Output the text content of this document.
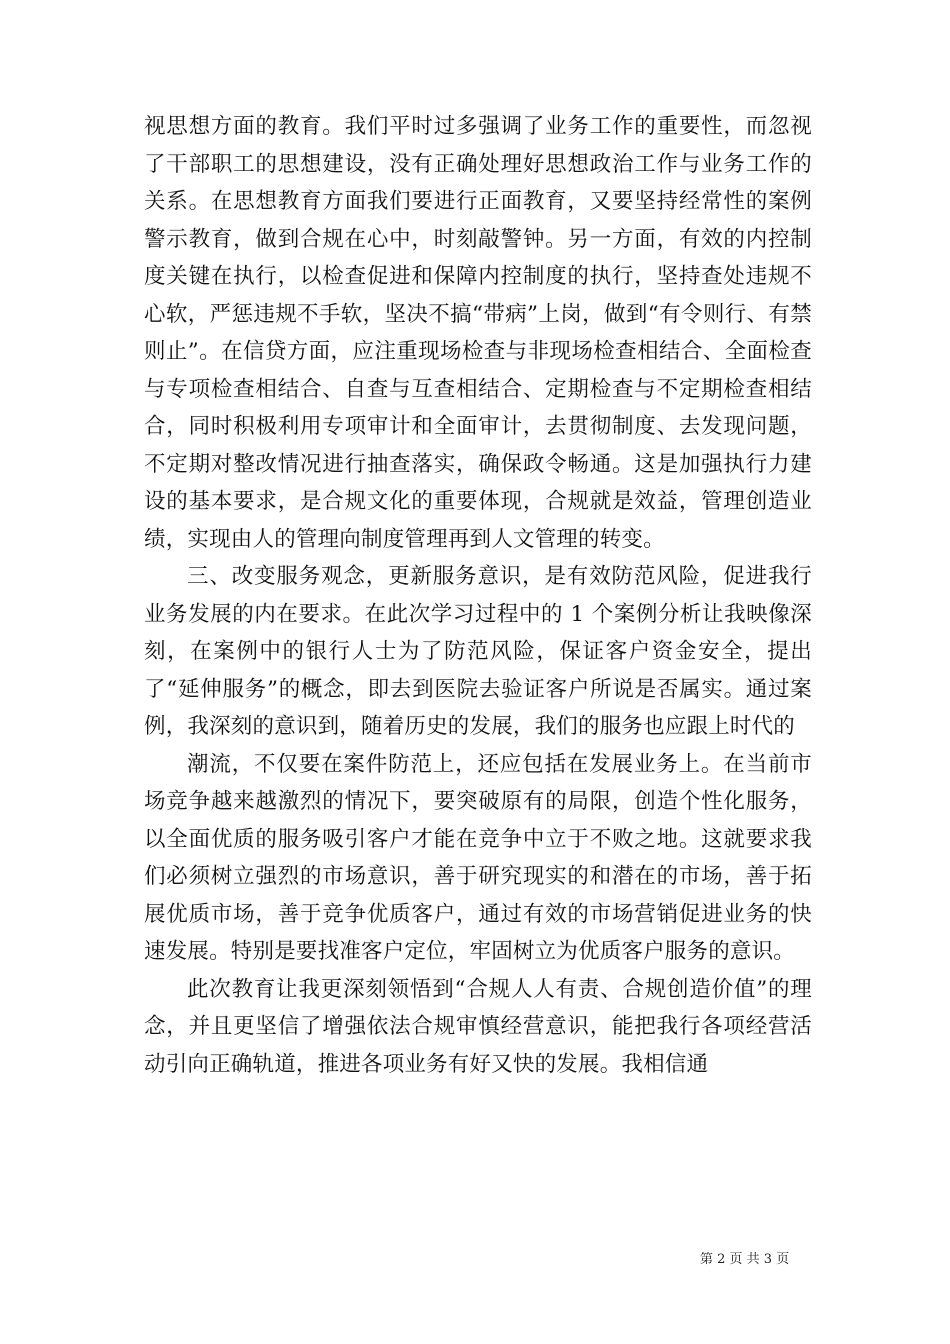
视思想方面的教育。我们平时过多强调了业务工作的重要性，而忽视了干部职工的思想建设，没有正确处理好思想政治工作与业务工作的关系。在思想教育方面我们要进行正面教育，又要坚持经常性的案例警示教育，做到合规在心中，时刻敲警钟。另一方面，有效的内控制度关键在执行，以检查促进和保障内控制度的执行，坚持查处违规不心软，严惩违规不手软，坚决不搞“带病”上岗，做到“有令则行、有禁则止”。在信贷方面，应注重现场检查与非现场检查相结合、全面检查与专项检查相结合、自查与互查相结合、定期检查与不定期检查相结合，同时积极利用专项审计和全面审计，去贯彻制度、去发现问题，不定期对整改情况进行抽查落实，确保政令畅通。这是加强执行力建设的基本要求，是合规文化的重要体现，合规就是效益，管理创造业绩，实现由人的管理向制度管理再到人文管理的转变。

三、改变服务观念，更新服务意识，是有效防范风险，促进我行业务发展的内在要求。在此次学习过程中的 1 个案例分析让我映像深刻，在案例中的银行人士为了防范风险，保证客户资金安全，提出了“延伸服务”的概念，即去到医院去验证客户所说是否属实。通过案例，我深刻的意识到，随着历史的发展，我们的服务也应跟上时代的

潮流，不仅要在案件防范上，还应包括在发展业务上。在当前市场竞争越来越激烈的情况下，要突破原有的局限，创造个性化服务，以全面优质的服务吸引客户才能在竞争中立于不败之地。这就要求我们必须树立强烈的市场意识，善于研究现实的和潜在的市场，善于拓展优质市场，善于竞争优质客户，通过有效的市场营销促进业务的快速发展。特别是要找准客户定位，牢固树立为优质客户服务的意识。

此次教育让我更深刻领悟到“合规人人有责、合规创造价值”的理念，并且更坚信了增强依法合规审慎经营意识，能把我行各项经营活动引向正确轨道，推进各项业务有好又快的发展。我相信通

第 2 页 共 3 页
